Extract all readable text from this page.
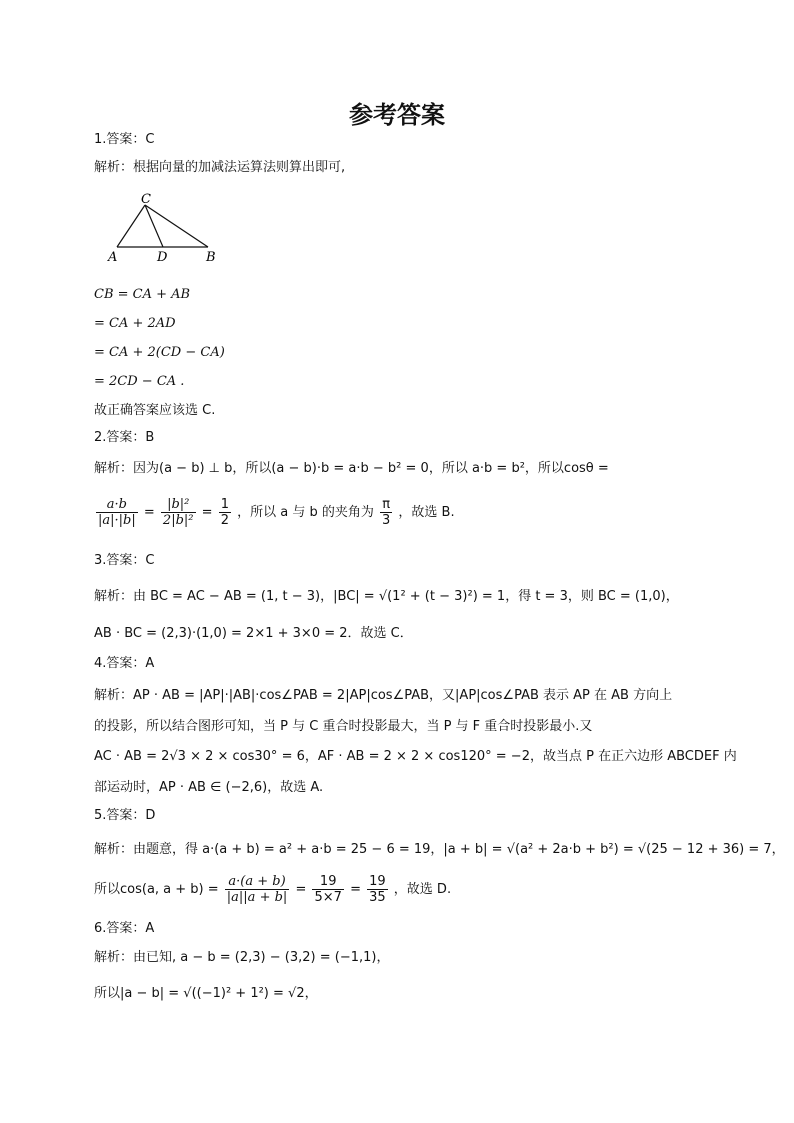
参考答案
1.答案：C
解析：根据向量的加减法运算法则算出即可,
C
A	D	B
CB = CA + AB
= CA + 2AD
= CA + 2(CD − CA)
= 2CD − CA .
故正确答案应该选 C.
2.答案：B
解析：因为(a − b) ⊥ b，所以(a − b)·b = a·b − b² = 0，所以 a·b = b²，所以cosθ =
$\frac{a\cdot b}{|a|\cdot|b|} = \frac{\text{|b|²}}{\text{2|b|²}} = \frac{1}{2}$ ，所以 a 与 b 的夹角为 $\frac{\pi}{3}$ ，故选 B.
3.答案：C
解析：由 BC = AC − AB = (1, t − 3)，|BC| = √(1² + (t − 3)²) = 1，得 t = 3，则 BC = (1,0)，
AB · BC = (2,3)·(1,0) = 2×1 + 3×0 = 2．故选 C．
4.答案：A
解析：AP · AB = |AP|·|AB|·cos∠PAB = 2|AP|cos∠PAB，又|AP|cos∠PAB 表示 AP 在 AB 方向上
的投影，所以结合图形可知，当 P 与 C 重合时投影最大，当 P 与 F 重合时投影最小.又
AC · AB = 2√3 × 2 × cos30° = 6，AF · AB = 2 × 2 × cos120° = −2，故当点 P 在正六边形 ABCDEF 内
部运动时，AP · AB ∈ (−2,6)，故选 A.
5.答案：D
解析：由题意，得 a·(a + b) = a² + a·b = 25 − 6 = 19，|a + b| = √(a² + 2a·b + b²) = √(25 − 12 + 36) = 7，
所以cos(a, $a + b) = \frac{a\cdot(a + b)}{|a||a + b|} = \frac{19}{5\times 7} = \frac{19}{35}$ ，故选 D.
6.答案：A
解析：由已知, a − b = (2,3) − (3,2) = (−1,1)，
所以|a − b| = √((−1)² + 1²) = √2，
